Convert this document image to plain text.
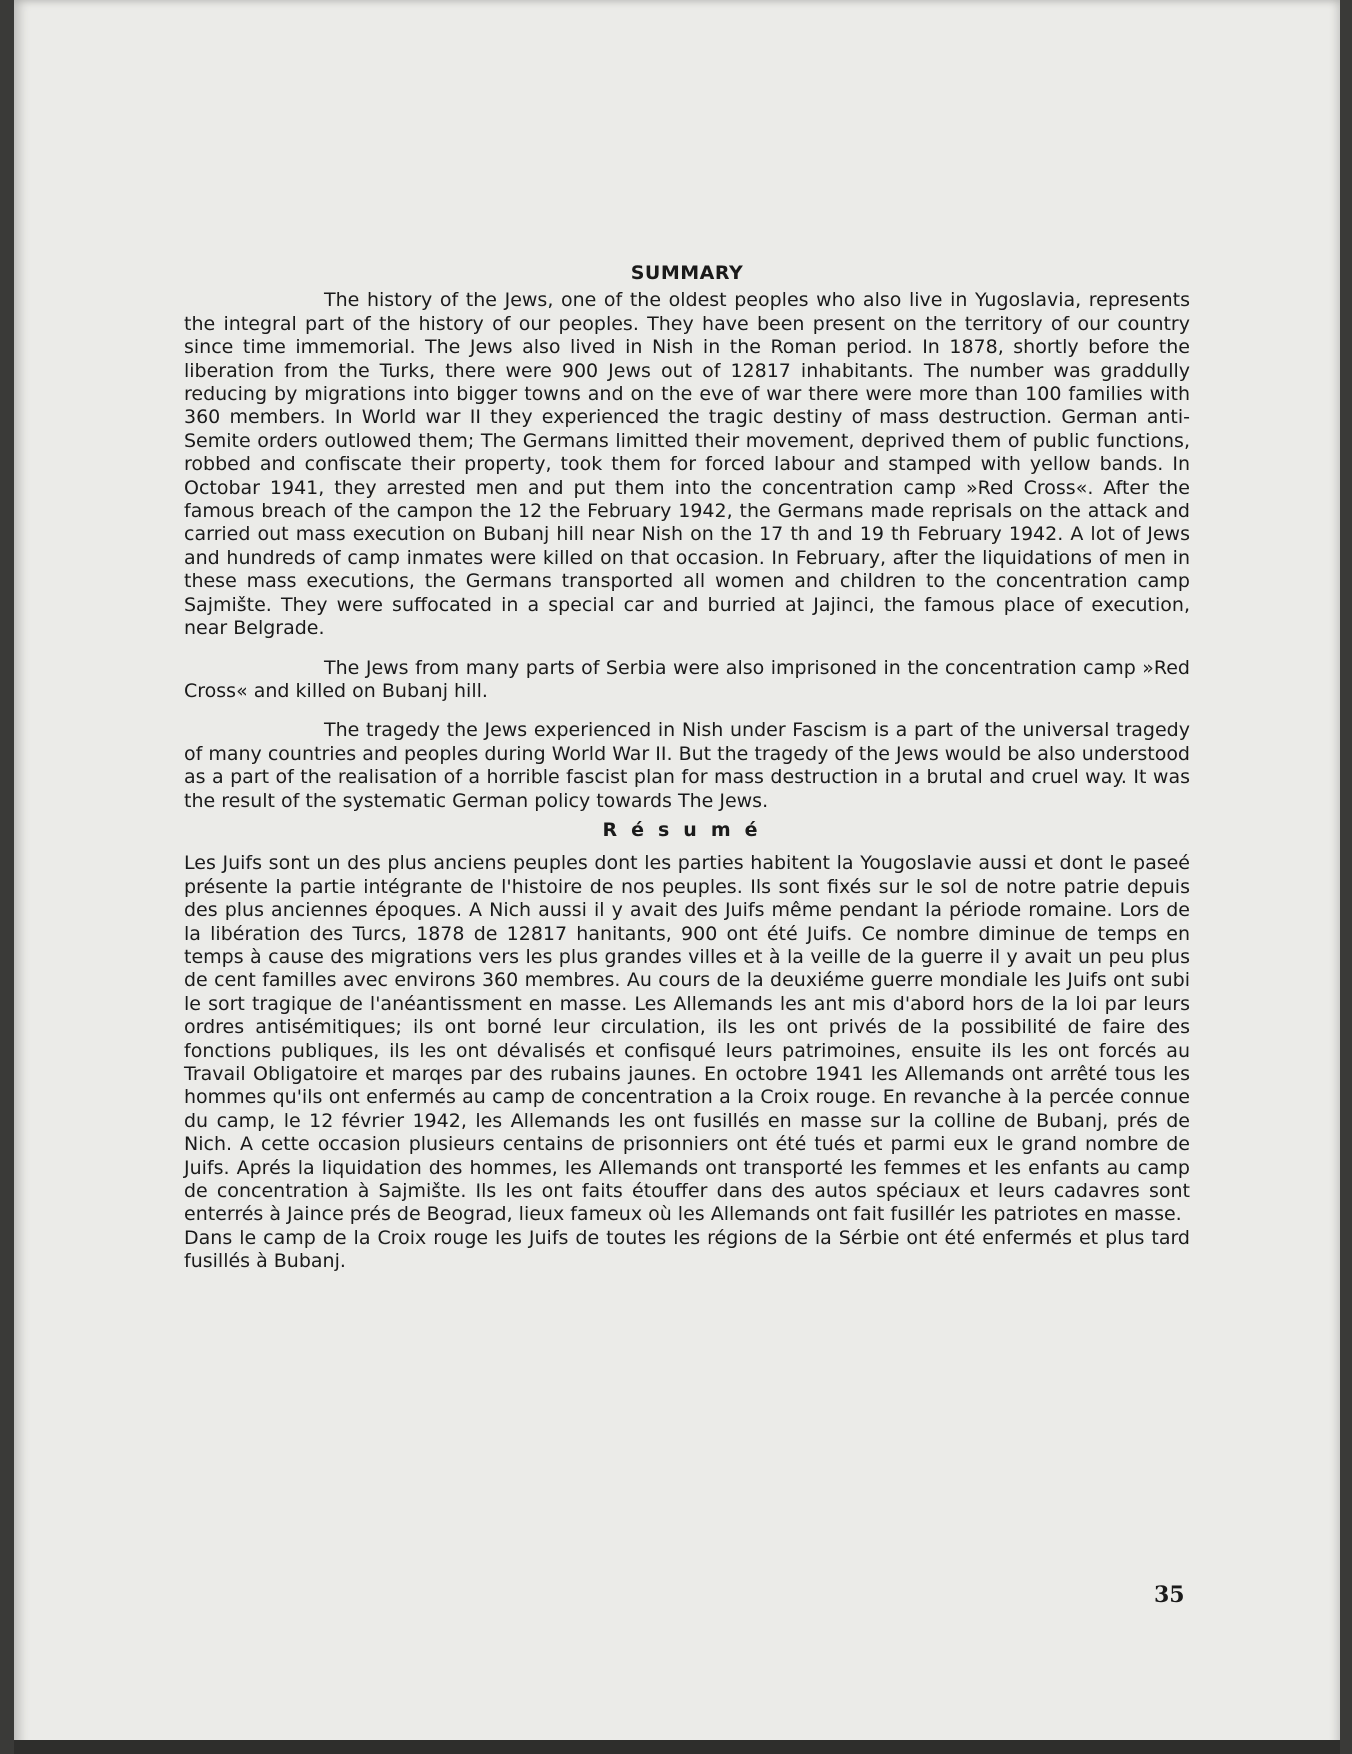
SUMMARY

The history of the Jews, one of the oldest peoples who also live in Yugoslavia, represents the integral part of the history of our peoples. They have been present on the territory of our country since time immemorial. The Jews also lived in Nish in the Roman period. In 1878, shortly before the liberation from the Turks, there were 900 Jews out of 12817 inhabitants. The number was graddully reducing by migrations into bigger towns and on the eve of war there were more than 100 families with 360 members. In World war II they experienced the tragic destiny of mass destruction. German anti-Semite orders outlowed them; The Germans limitted their movement, deprived them of public functions, robbed and confiscate their property, took them for forced labour and stamped with yellow bands. In Octobar 1941, they arrested men and put them into the concentration camp »Red Cross«. After the famous breach of the campon the 12 the February 1942, the Germans made reprisals on the attack and carried out mass execution on Bubanj hill near Nish on the 17 th and 19 th February 1942. A lot of Jews and hundreds of camp inmates were killed on that occasion. In February, after the liquidations of men in these mass executions, the Germans transported all women and children to the concentration camp Sajmište. They were suffocated in a special car and burried at Jajinci, the famous place of execution, near Belgrade.

The Jews from many parts of Serbia were also imprisoned in the concentration camp »Red Cross« and killed on Bubanj hill.

The tragedy the Jews experienced in Nish under Fascism is a part of the universal tragedy of many countries and peoples during World War II. But the tragedy of the Jews would be also understood as a part of the realisation of a horrible fascist plan for mass destruction in a brutal and cruel way. It was the result of the systematic German policy towards The Jews.

Résumé

Les Juifs sont un des plus anciens peuples dont les parties habitent la Yougoslavie aussi et dont le paseé présente la partie intégrante de l'histoire de nos peuples. Ils sont fixés sur le sol de notre patrie depuis des plus anciennes époques. A Nich aussi il y avait des Juifs même pendant la période romaine. Lors de la libération des Turcs, 1878 de 12817 hanitants, 900 ont été Juifs. Ce nombre diminue de temps en temps à cause des migrations vers les plus grandes villes et à la veille de la guerre il y avait un peu plus de cent familles avec environs 360 membres. Au cours de la deuxiéme guerre mondiale les Juifs ont subi le sort tragique de l'anéantissment en masse. Les Allemands les ant mis d'abord hors de la loi par leurs ordres antisémitiques; ils ont borné leur circulation, ils les ont privés de la possibilité de faire des fonctions publiques, ils les ont dévalisés et confisqué leurs patrimoines, ensuite ils les ont forcés au Travail Obligatoire et marqes par des rubains jaunes. En octobre 1941 les Allemands ont arrêté tous les hommes qu'ils ont enfermés au camp de concentration a la Croix rouge. En revanche à la percée connue du camp, le 12 février 1942, les Allemands les ont fusillés en masse sur la colline de Bubanj, prés de Nich. A cette occasion plusieurs centains de prisonniers ont été tués et parmi eux le grand nombre de Juifs. Aprés la liquidation des hommes, les Allemands ont transporté les femmes et les enfants au camp de concentration à Sajmište. Ils les ont faits étouffer dans des autos spéciaux et leurs cadavres sont enterrés à Jaince prés de Beograd, lieux fameux où les Allemands ont fait fusillér les patriotes en masse.

Dans le camp de la Croix rouge les Juifs de toutes les régions de la Sérbie ont été enfermés et plus tard fusillés à Bubanj.

35
